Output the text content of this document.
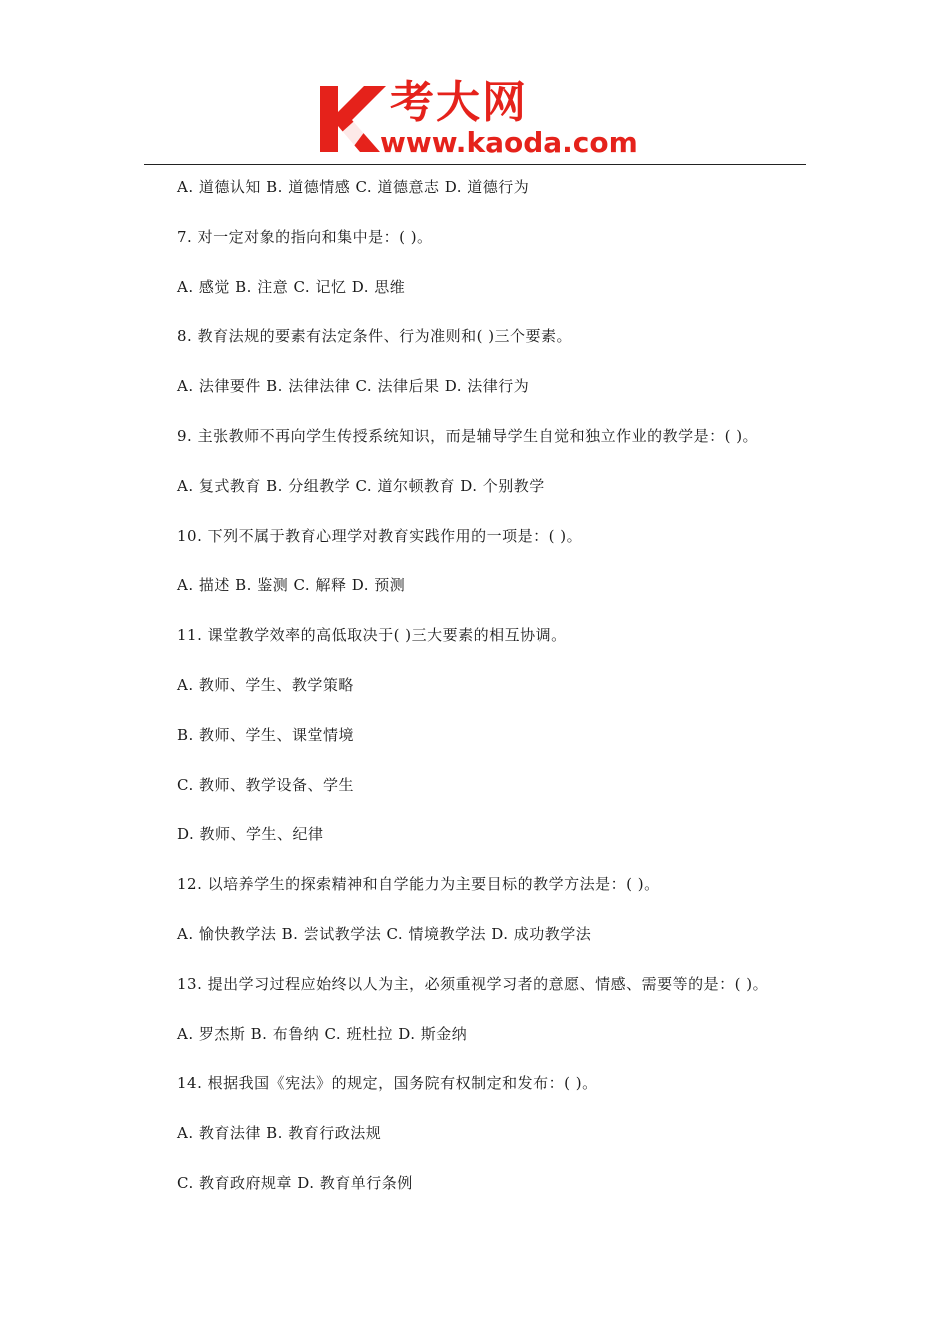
考大网
www.kaoda.com
A. 道德认知 B. 道德情感 C. 道德意志 D. 道德行为
7. 对一定对象的指向和集中是：( )。
A. 感觉 B. 注意 C. 记忆 D. 思维
8. 教育法规的要素有法定条件、行为准则和( )三个要素。
A. 法律要件 B. 法律法律 C. 法律后果 D. 法律行为
9. 主张教师不再向学生传授系统知识，而是辅导学生自觉和独立作业的教学是：( )。
A. 复式教育 B. 分组教学 C. 道尔顿教育 D. 个别教学
10. 下列不属于教育心理学对教育实践作用的一项是：( )。
A. 描述 B. 鉴测 C. 解释 D. 预测
11. 课堂教学效率的高低取决于( )三大要素的相互协调。
A. 教师、学生、教学策略
B. 教师、学生、课堂情境
C. 教师、教学设备、学生
D. 教师、学生、纪律
12. 以培养学生的探索精神和自学能力为主要目标的教学方法是：( )。
A. 愉快教学法 B. 尝试教学法 C. 情境教学法 D. 成功教学法
13. 提出学习过程应始终以人为主，必须重视学习者的意愿、情感、需要等的是：( )。
A. 罗杰斯 B. 布鲁纳 C. 班杜拉 D. 斯金纳
14. 根据我国《宪法》的规定，国务院有权制定和发布：( )。
A. 教育法律 B. 教育行政法规
C. 教育政府规章 D. 教育单行条例
